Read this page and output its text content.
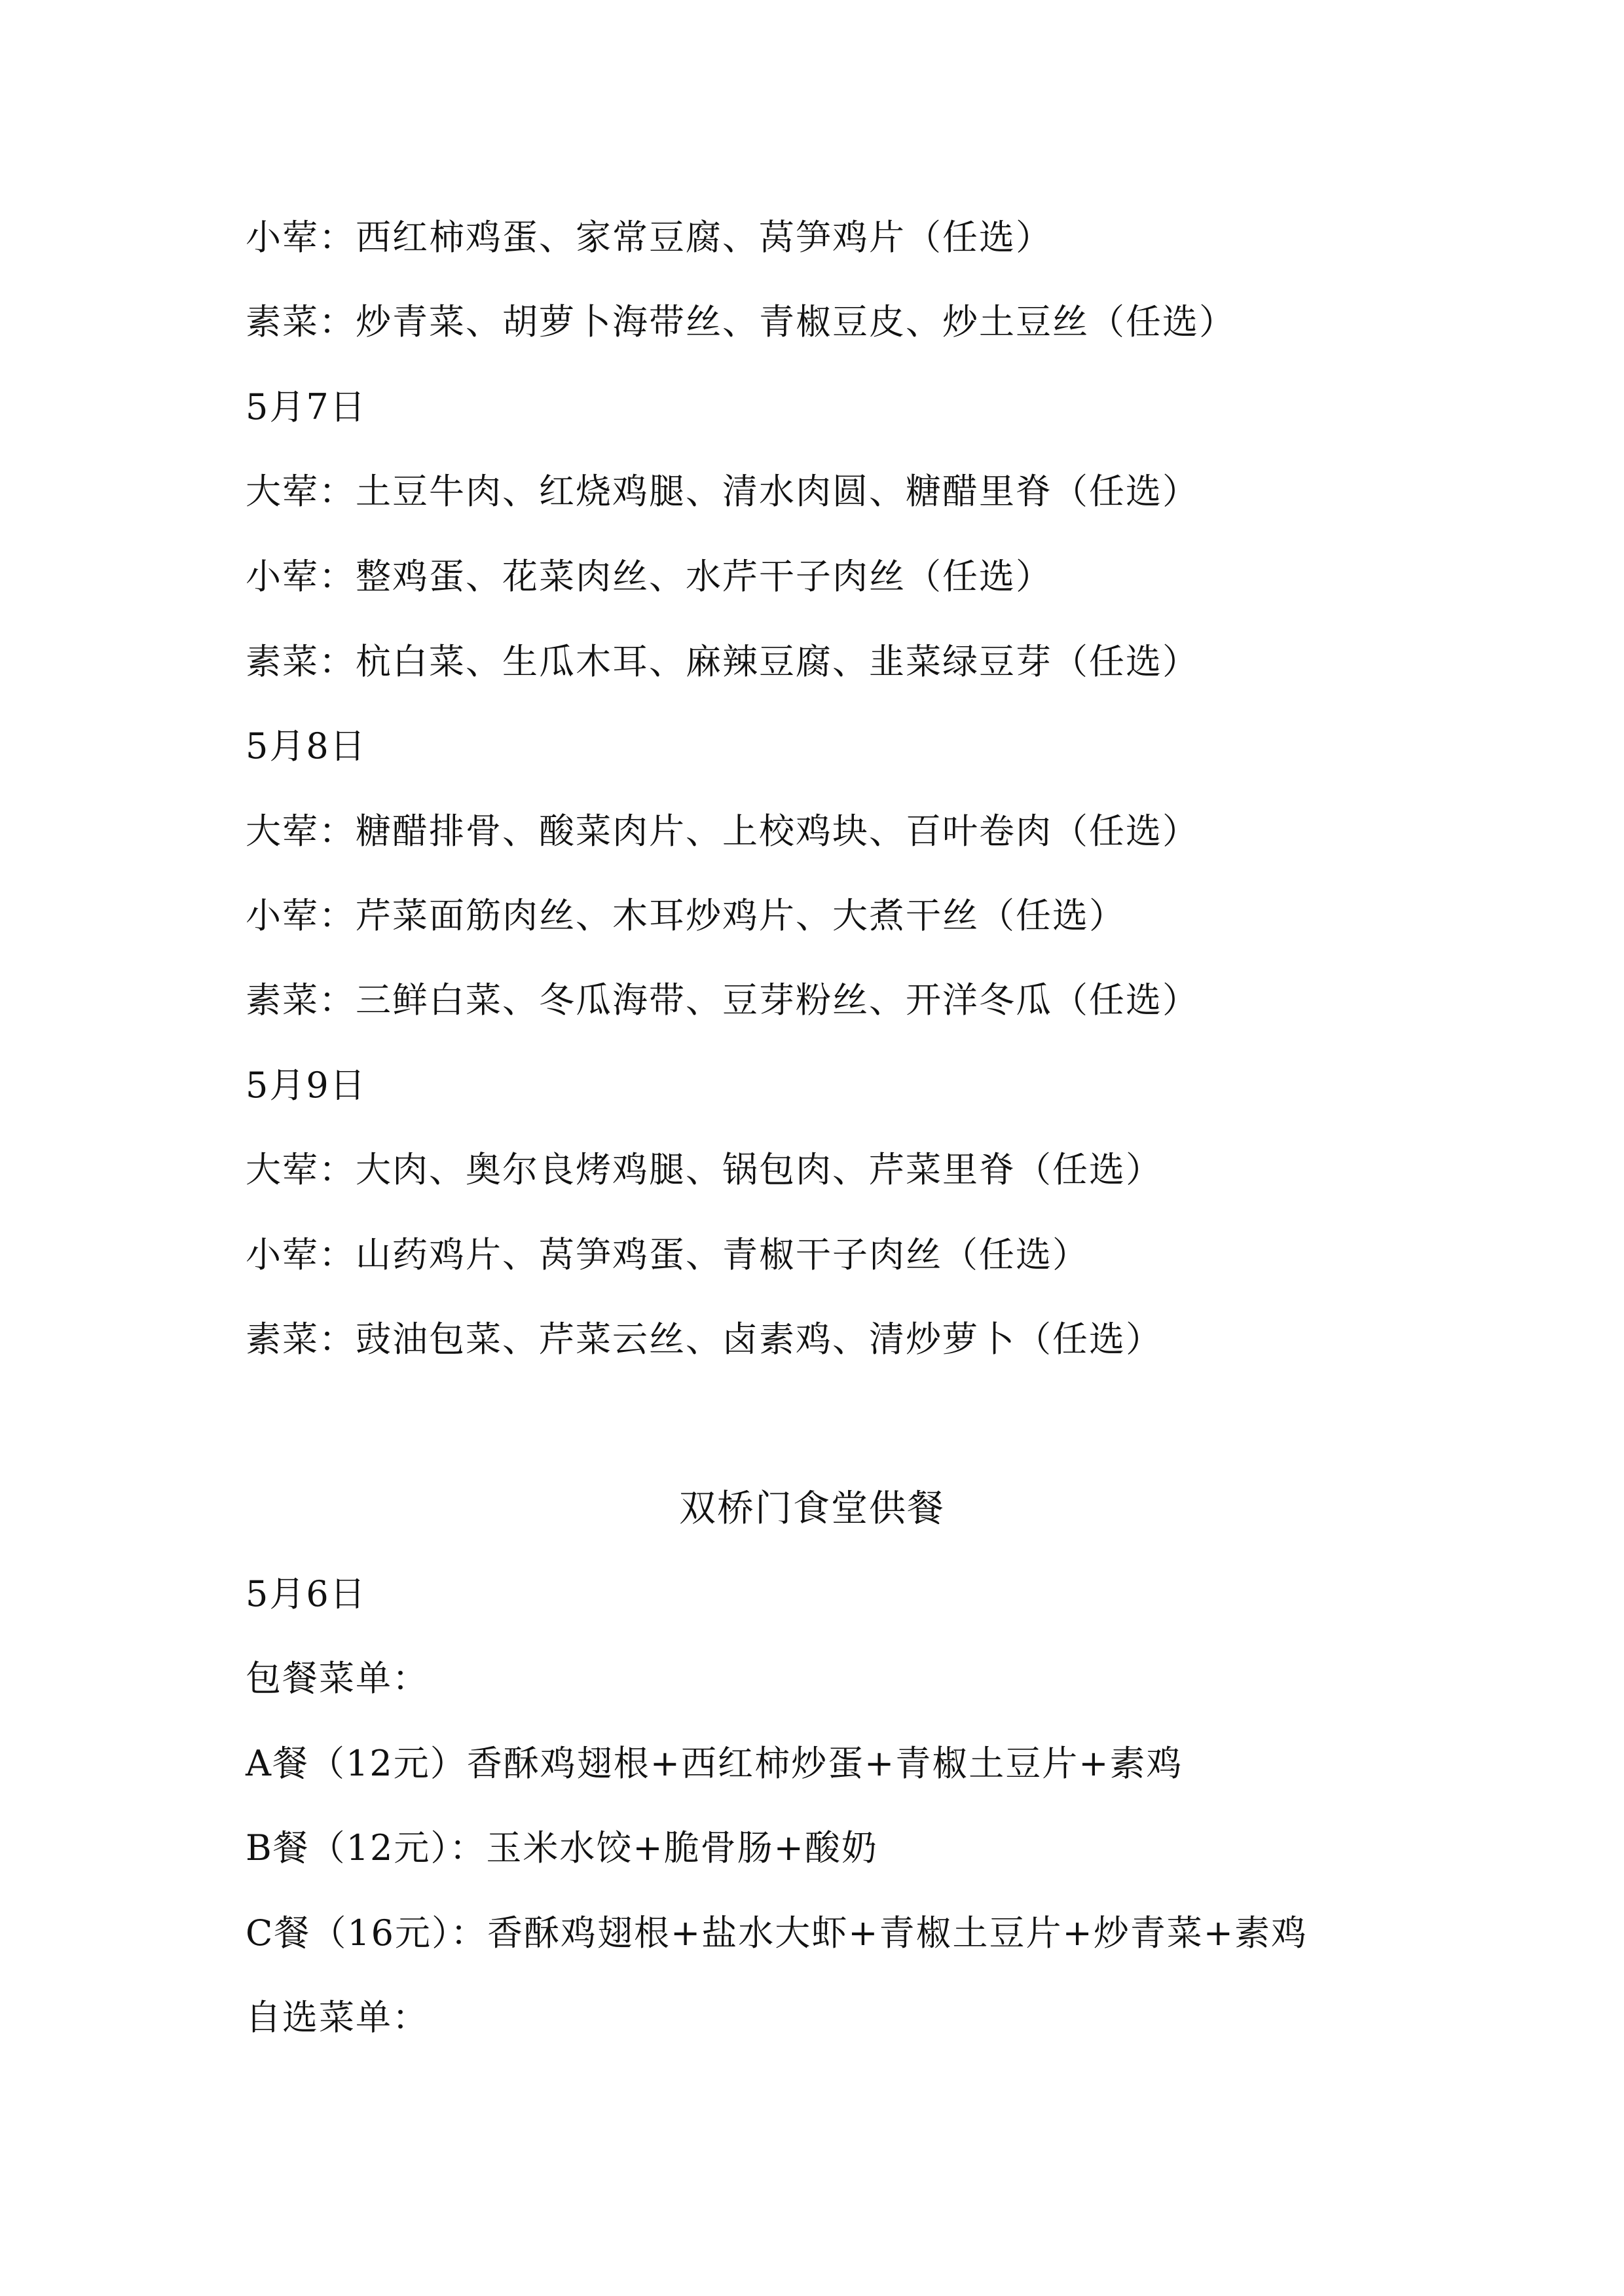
小荤：西红柿鸡蛋、家常豆腐、莴笋鸡片（任选）
素菜：炒青菜、胡萝卜海带丝、青椒豆皮、炒土豆丝（任选）
5月7日
大荤：土豆牛肉、红烧鸡腿、清水肉圆、糖醋里脊（任选）
小荤：整鸡蛋、花菜肉丝、水芹干子肉丝（任选）
素菜：杭白菜、生瓜木耳、麻辣豆腐、韭菜绿豆芽（任选）
5月8日
大荤：糖醋排骨、酸菜肉片、上校鸡块、百叶卷肉（任选）
小荤：芹菜面筋肉丝、木耳炒鸡片、大煮干丝（任选）
素菜：三鲜白菜、冬瓜海带、豆芽粉丝、开洋冬瓜（任选）
5月9日
大荤：大肉、奥尔良烤鸡腿、锅包肉、芹菜里脊（任选）
小荤：山药鸡片、莴笋鸡蛋、青椒干子肉丝（任选）
素菜：豉油包菜、芹菜云丝、卤素鸡、清炒萝卜（任选）
双桥门食堂供餐
5月6日
包餐菜单：
A餐（12元）香酥鸡翅根+西红柿炒蛋+青椒土豆片+素鸡
B餐（12元）：玉米水饺+脆骨肠+酸奶
C餐（16元）：香酥鸡翅根+盐水大虾+青椒土豆片+炒青菜+素鸡
自选菜单：
